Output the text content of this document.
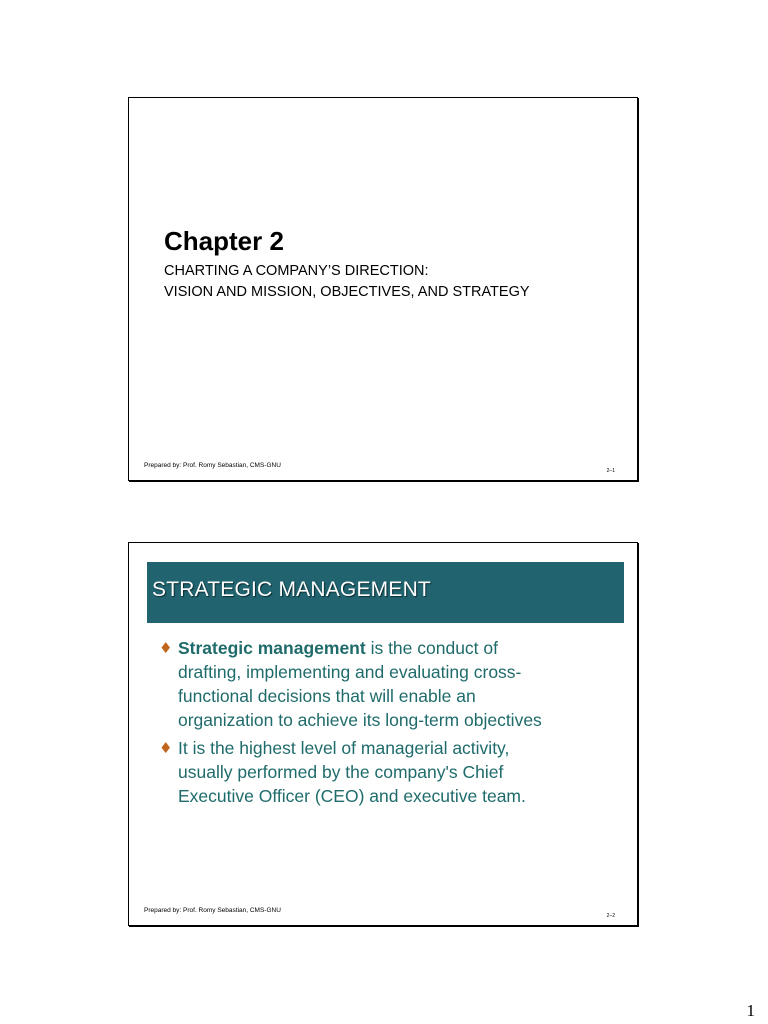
Chapter 2

CHARTING A COMPANY’S DIRECTION:
VISION AND MISSION, OBJECTIVES, AND STRATEGY

Prepared by: Prof. Romy Sebastian, CMS-GNU
2–1
STRATEGIC MANAGEMENT
♦ Strategic management is the conduct of
drafting, implementing and evaluating cross-
functional decisions that will enable an
organization to achieve its long-term objectives
♦ It is the highest level of managerial activity,
usually performed by the company's Chief
Executive Officer (CEO) and executive team.
Prepared by: Prof. Romy Sebastian, CMS-GNU
2–2
1
